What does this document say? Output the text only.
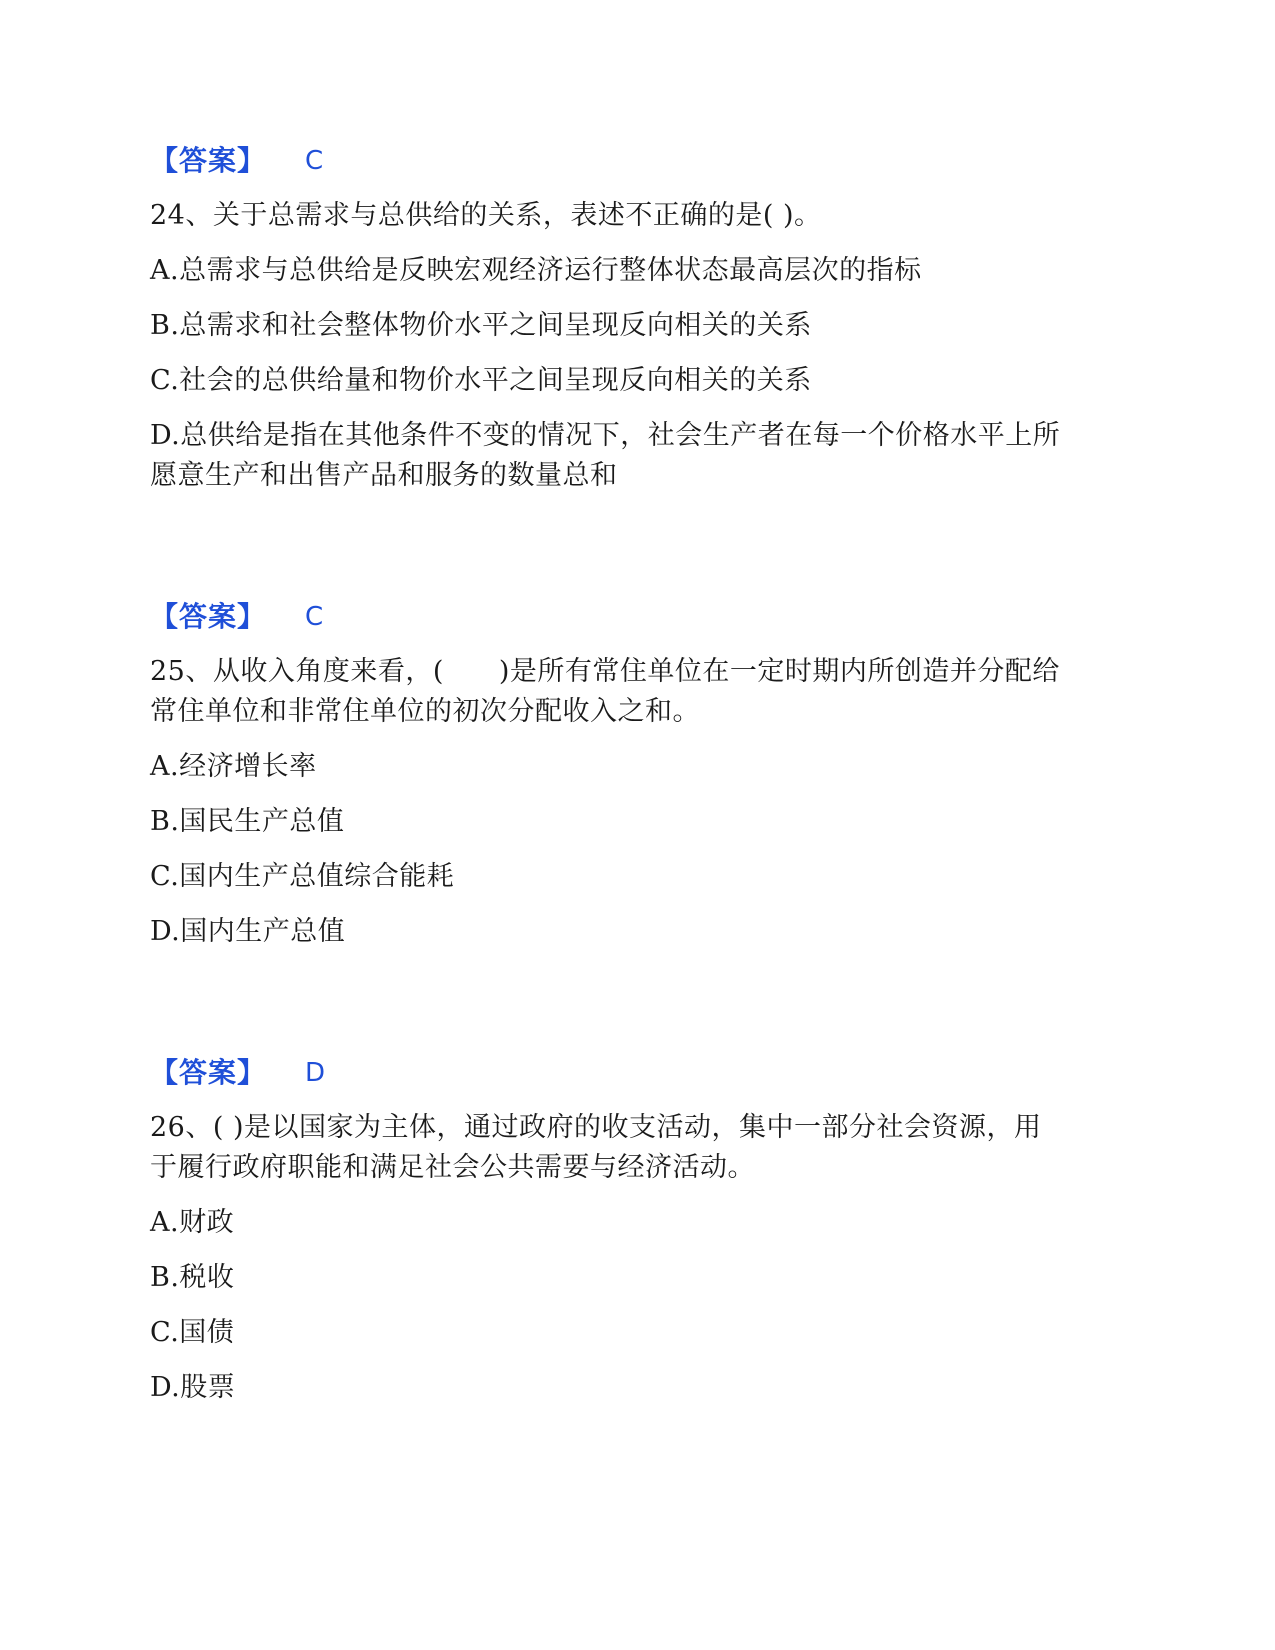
【答案】 C
24、关于总需求与总供给的关系，表述不正确的是( )。
A.总需求与总供给是反映宏观经济运行整体状态最高层次的指标
B.总需求和社会整体物价水平之间呈现反向相关的关系
C.社会的总供给量和物价水平之间呈现反向相关的关系
D.总供给是指在其他条件不变的情况下，社会生产者在每一个价格水平上所
愿意生产和出售产品和服务的数量总和
【答案】 C
25、从收入角度来看，(　　)是所有常住单位在一定时期内所创造并分配给
常住单位和非常住单位的初次分配收入之和。
A.经济增长率
B.国民生产总值
C.国内生产总值综合能耗
D.国内生产总值
【答案】 D
26、( )是以国家为主体，通过政府的收支活动，集中一部分社会资源，用
于履行政府职能和满足社会公共需要与经济活动。
A.财政
B.税收
C.国债
D.股票
